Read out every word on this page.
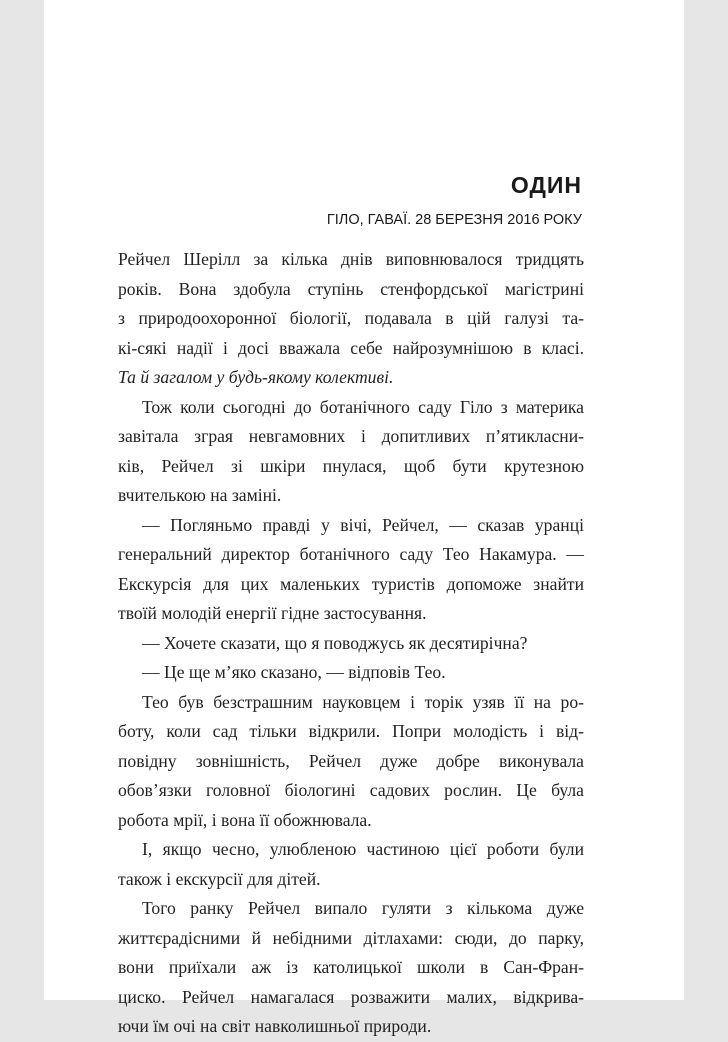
ОДИН
ГІЛО, ГАВАЇ. 28 БЕРЕЗНЯ 2016 РОКУ

Рейчел Шерілл за кілька днів виповнювалося тридцять
років. Вона здобула ступінь стенфордської магістрині
з природоохоронної біології, подавала в цій галузі та-
кі-сякі надії і досі вважала себе найрозумнішою в класі.
Та й загалом у будь-якому колективі.

Тож коли сьогодні до ботанічного саду Гіло з материка

завітала зграя невгамовних і допитливих п’ятикласни-
ків, Рейчел зі шкіри пнулася, щоб бути крутезною
вчителькою на заміні.

— Погляньмо правді у вічі, Рейчел, — сказав уранці

генеральний директор ботанічного саду Тео Накамура. —
Екскурсія для цих маленьких туристів допоможе знайти
твоїй молодій енергії гідне застосування.

— Хочете сказати, що я поводжусь як десятирічна?

— Це ще м’яко сказано, — відповів Тео.

Тео був безстрашним науковцем і торік узяв її на ро-

боту, коли сад тільки відкрили. Попри молодість і від-
повідну зовнішність, Рейчел дуже добре виконувала
обов’язки головної біологині садових рослин. Це була
робота мрії, і вона її обожнювала.

І, якщо чесно, улюбленою частиною цієї роботи були

також і екскурсії для дітей.

Того ранку Рейчел випало гуляти з кількома дуже

життєрадісними й небідними дітлахами: сюди, до парку,
вони приїхали аж із католицької школи в Сан-Фран-
циско. Рейчел намагалася розважити малих, відкрива-
ючи їм очі на світ навколишньої природи.
